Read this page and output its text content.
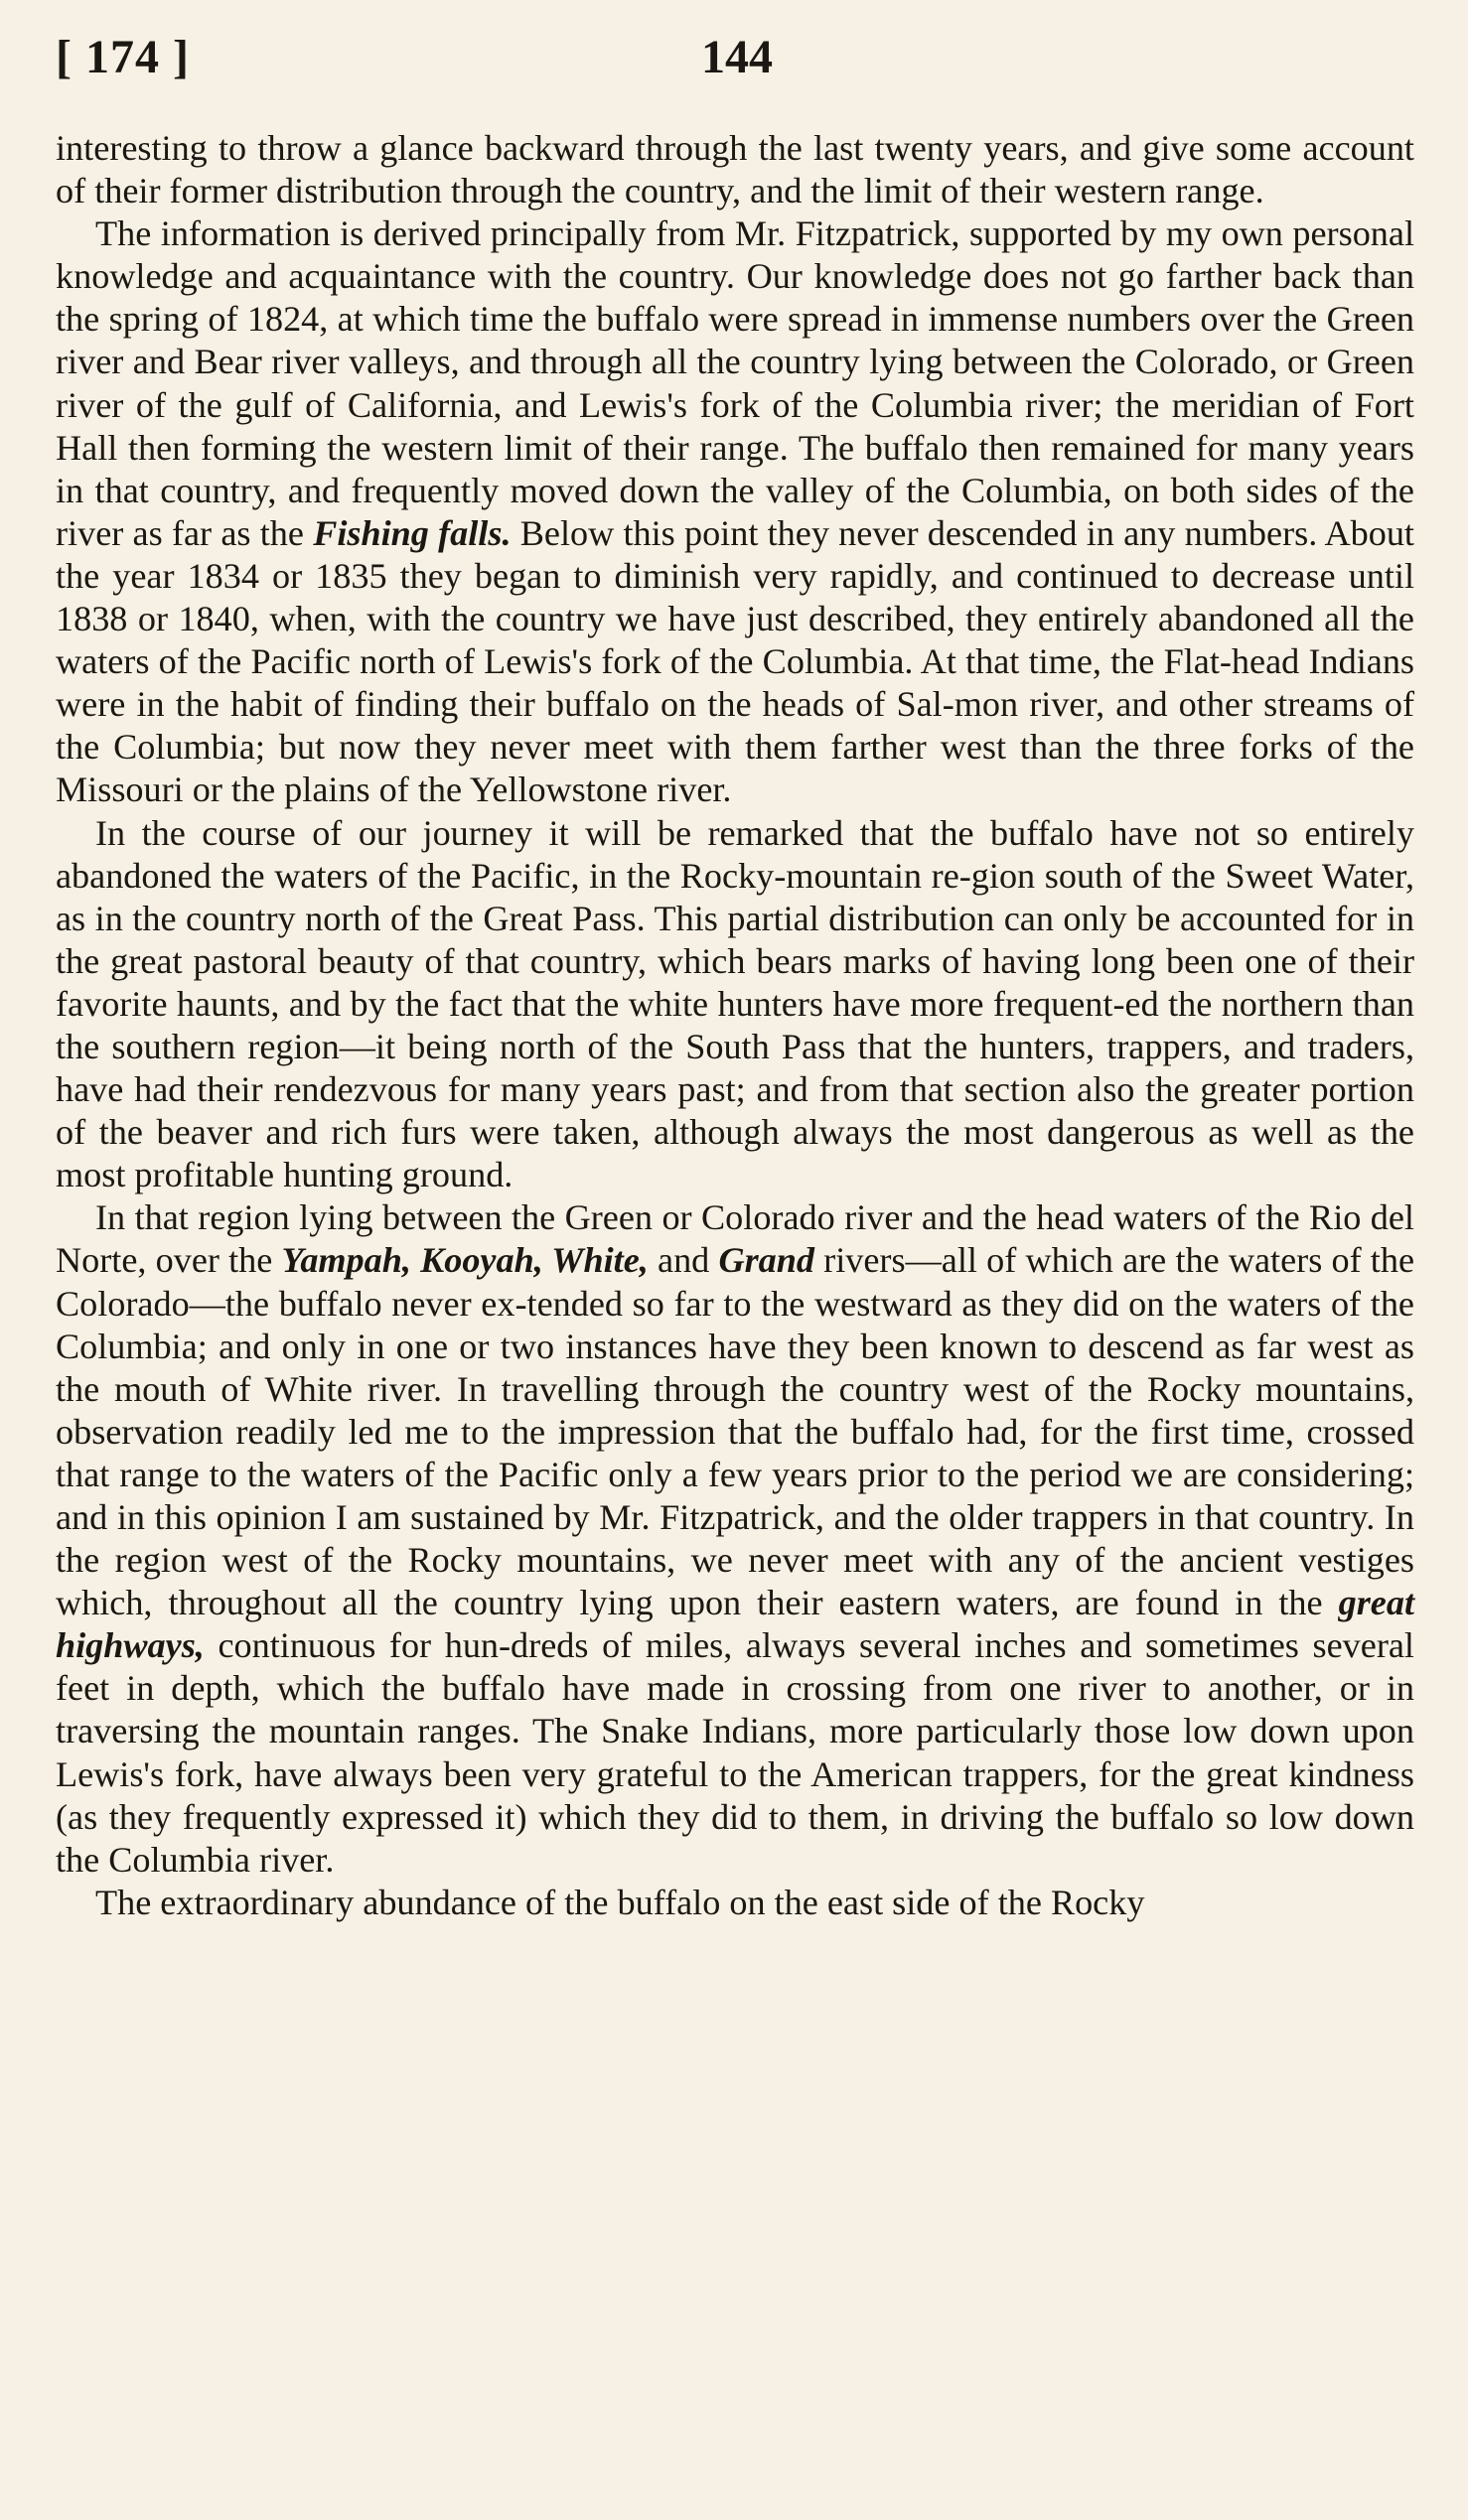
[ 174 ]	144

interesting to throw a glance backward through the last twenty years, and give some account of their former distribution through the country, and the limit of their western range.

The information is derived principally from Mr. Fitzpatrick, supported by my own personal knowledge and acquaintance with the country. Our knowledge does not go farther back than the spring of 1824, at which time the buffalo were spread in immense numbers over the Green river and Bear river valleys, and through all the country lying between the Colorado, or Green river of the gulf of California, and Lewis's fork of the Columbia river; the meridian of Fort Hall then forming the western limit of their range. The buffalo then remained for many years in that country, and frequently moved down the valley of the Columbia, on both sides of the river as far as the Fishing falls. Below this point they never descended in any numbers. About the year 1834 or 1835 they began to diminish very rapidly, and continued to decrease until 1838 or 1840, when, with the country we have just described, they entirely abandoned all the waters of the Pacific north of Lewis's fork of the Columbia. At that time, the Flat-head Indians were in the habit of finding their buffalo on the heads of Sal-mon river, and other streams of the Columbia; but now they never meet with them farther west than the three forks of the Missouri or the plains of the Yellowstone river.

In the course of our journey it will be remarked that the buffalo have not so entirely abandoned the waters of the Pacific, in the Rocky-mountain re-gion south of the Sweet Water, as in the country north of the Great Pass. This partial distribution can only be accounted for in the great pastoral beauty of that country, which bears marks of having long been one of their favorite haunts, and by the fact that the white hunters have more frequent-ed the northern than the southern region—it being north of the South Pass that the hunters, trappers, and traders, have had their rendezvous for many years past; and from that section also the greater portion of the beaver and rich furs were taken, although always the most dangerous as well as the most profitable hunting ground.

In that region lying between the Green or Colorado river and the head waters of the Rio del Norte, over the Yampah, Kooyah, White, and Grand rivers—all of which are the waters of the Colorado—the buffalo never ex-tended so far to the westward as they did on the waters of the Columbia; and only in one or two instances have they been known to descend as far west as the mouth of White river. In travelling through the country west of the Rocky mountains, observation readily led me to the impression that the buffalo had, for the first time, crossed that range to the waters of the Pacific only a few years prior to the period we are considering; and in this opinion I am sustained by Mr. Fitzpatrick, and the older trappers in that country. In the region west of the Rocky mountains, we never meet with any of the ancient vestiges which, throughout all the country lying upon their eastern waters, are found in the great highways, continuous for hun-dreds of miles, always several inches and sometimes several feet in depth, which the buffalo have made in crossing from one river to another, or in traversing the mountain ranges. The Snake Indians, more particularly those low down upon Lewis's fork, have always been very grateful to the American trappers, for the great kindness (as they frequently expressed it) which they did to them, in driving the buffalo so low down the Columbia river.

The extraordinary abundance of the buffalo on the east side of the Rocky
